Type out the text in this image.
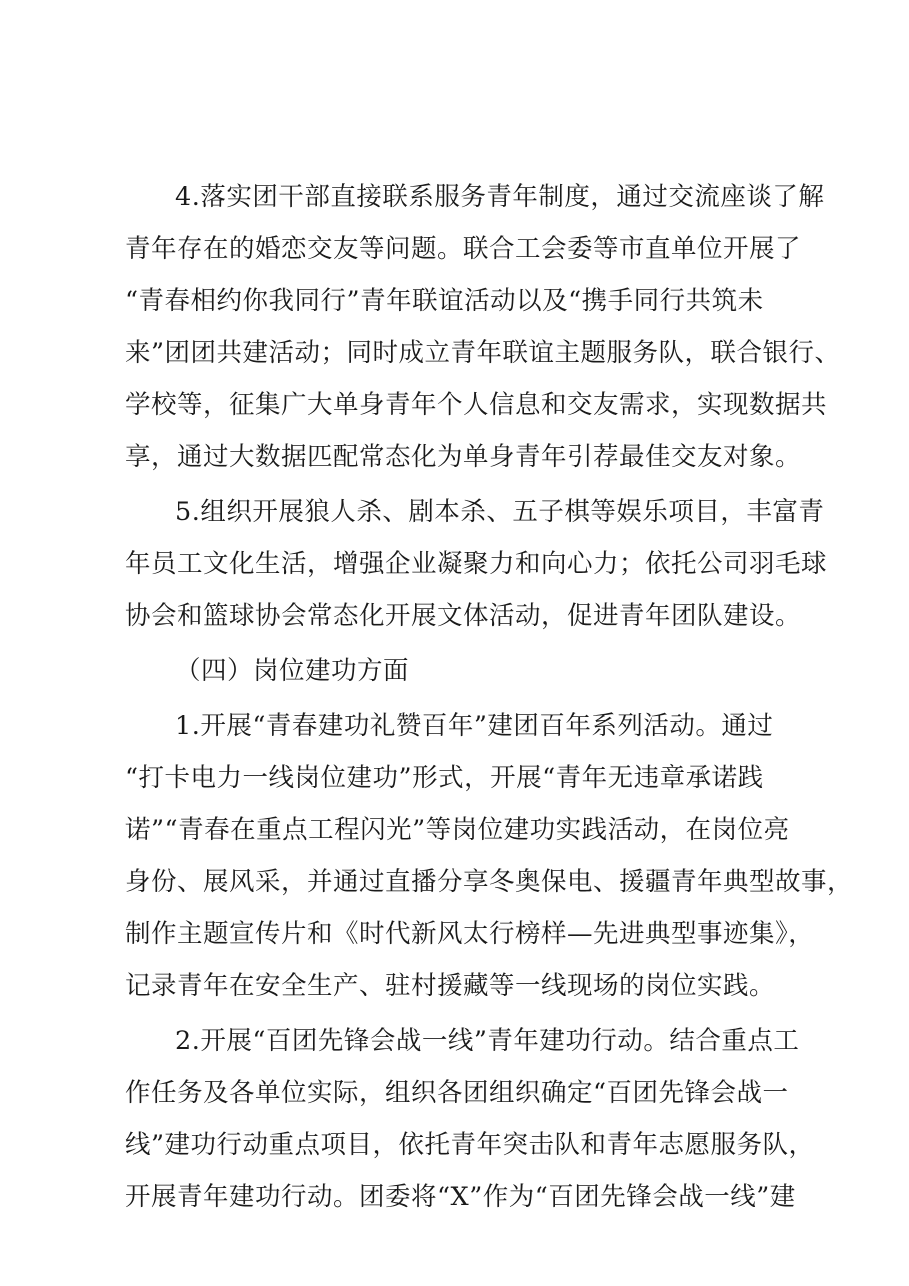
4.落实团干部直接联系服务青年制度，通过交流座谈了解
青年存在的婚恋交友等问题。联合工会委等市直单位开展了
“青春相约你我同行”青年联谊活动以及“携手同行共筑未
来”团团共建活动；同时成立青年联谊主题服务队，联合银行、
学校等，征集广大单身青年个人信息和交友需求，实现数据共
享，通过大数据匹配常态化为单身青年引荐最佳交友对象。
5.组织开展狼人杀、剧本杀、五子棋等娱乐项目，丰富青
年员工文化生活，增强企业凝聚力和向心力；依托公司羽毛球
协会和篮球协会常态化开展文体活动，促进青年团队建设。
（四）岗位建功方面
1.开展“青春建功礼赞百年”建团百年系列活动。通过
“打卡电力一线岗位建功”形式，开展“青年无违章承诺践
诺”“青春在重点工程闪光”等岗位建功实践活动，在岗位亮
身份、展风采，并通过直播分享冬奥保电、援疆青年典型故事，
制作主题宣传片和《时代新风太行榜样—先进典型事迹集》，
记录青年在安全生产、驻村援藏等一线现场的岗位实践。
2.开展“百团先锋会战一线”青年建功行动。结合重点工
作任务及各单位实际，组织各团组织确定“百团先锋会战一
线”建功行动重点项目，依托青年突击队和青年志愿服务队，
开展青年建功行动。团委将“X”作为“百团先锋会战一线”建
